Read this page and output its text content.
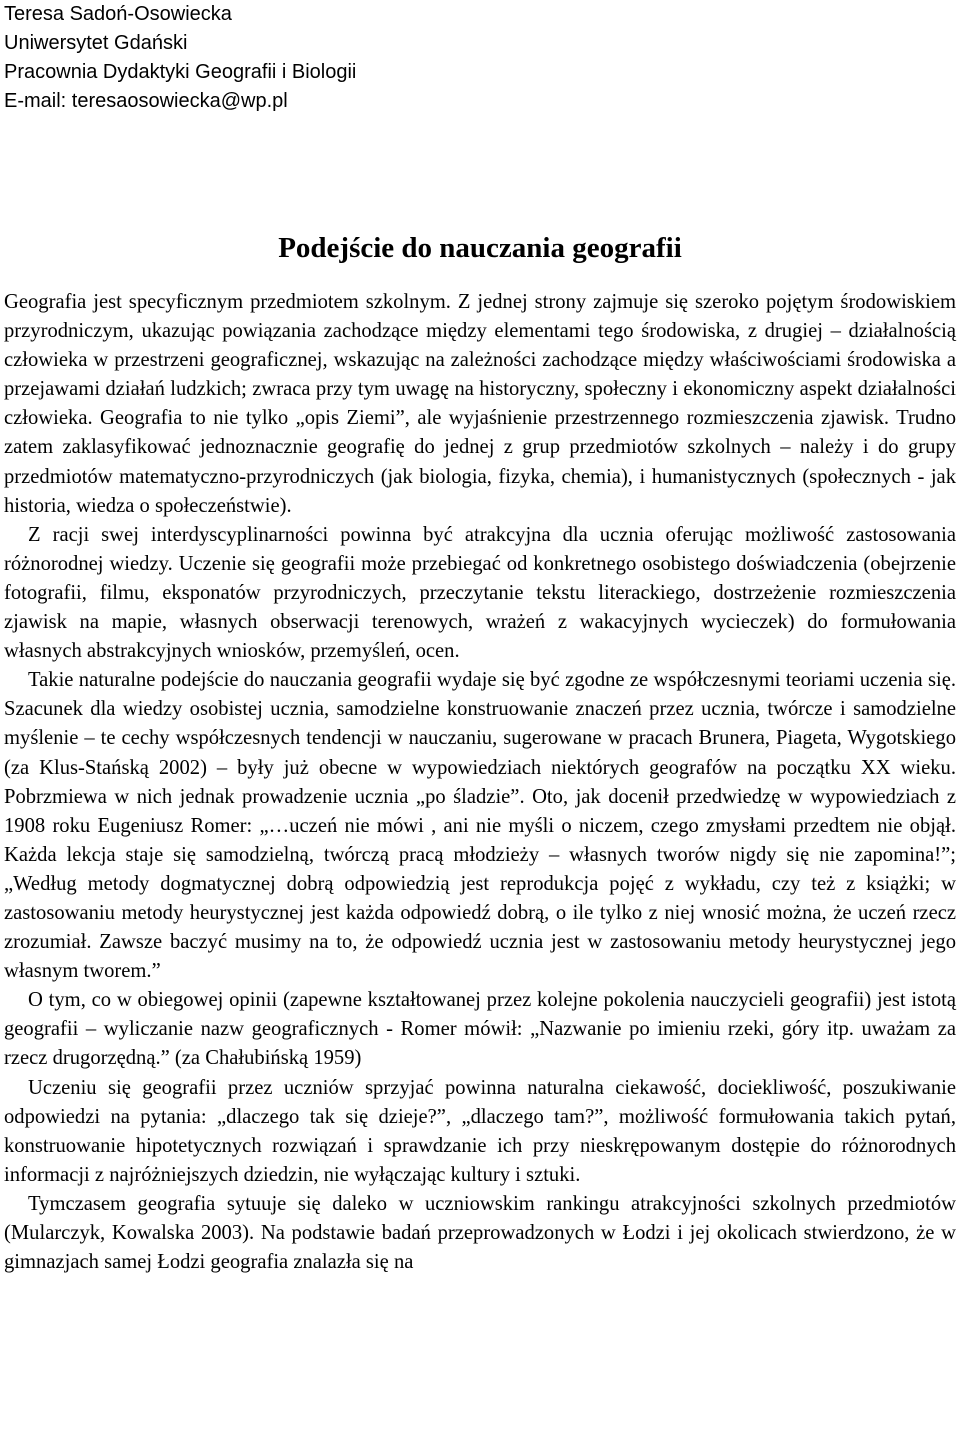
Teresa Sadoń-Osowiecka
Uniwersytet Gdański
Pracownia Dydaktyki Geografii i Biologii
E-mail: teresaosowiecka@wp.pl
Podejście do nauczania geografii

Geografia jest specyficznym przedmiotem szkolnym. Z jednej strony zajmuje się szeroko pojętym środowiskiem przyrodniczym, ukazując powiązania zachodzące między elementami tego środowiska, z drugiej – działalnością człowieka w przestrzeni geograficznej, wskazując na zależności zachodzące między właściwościami środowiska a przejawami działań ludzkich; zwraca przy tym uwagę na historyczny, społeczny i ekonomiczny aspekt działalności człowieka. Geografia to nie tylko „opis Ziemi”, ale wyjaśnienie przestrzennego rozmieszczenia zjawisk. Trudno zatem zaklasyfikować jednoznacznie geografię do jednej z grup przedmiotów szkolnych – należy i do grupy przedmiotów matematyczno-przyrodniczych (jak biologia, fizyka, chemia), i humanistycznych (społecznych - jak historia, wiedza o społeczeństwie).

Z racji swej interdyscyplinarności powinna być atrakcyjna dla ucznia oferując możliwość zastosowania różnorodnej wiedzy. Uczenie się geografii może przebiegać od konkretnego osobistego doświadczenia (obejrzenie fotografii, filmu, eksponatów przyrodniczych, przeczytanie tekstu literackiego, dostrzeżenie rozmieszczenia zjawisk na mapie, własnych obserwacji terenowych, wrażeń z wakacyjnych wycieczek) do formułowania własnych abstrakcyjnych wniosków, przemyśleń, ocen.

Takie naturalne podejście do nauczania geografii wydaje się być zgodne ze współczesnymi teoriami uczenia się. Szacunek dla wiedzy osobistej ucznia, samodzielne konstruowanie znaczeń przez ucznia, twórcze i samodzielne myślenie – te cechy współczesnych tendencji w nauczaniu, sugerowane w pracach Brunera, Piageta, Wygotskiego (za Klus-Stańską 2002) – były już obecne w wypowiedziach niektórych geografów na początku XX wieku. Pobrzmiewa w nich jednak prowadzenie ucznia „po śladzie”. Oto, jak docenił przedwiedzę w wypowiedziach z 1908 roku Eugeniusz Romer: „…uczeń nie mówi , ani nie myśli o niczem, czego zmysłami przedtem nie objął. Każda lekcja staje się samodzielną, twórczą pracą młodzieży – własnych tworów nigdy się nie zapomina!”; „Według metody dogmatycznej dobrą odpowiedzią jest reprodukcja pojęć z wykładu, czy też z książki; w zastosowaniu metody heurystycznej jest każda odpowiedź dobrą, o ile tylko z niej wnosić można, że uczeń rzecz zrozumiał. Zawsze baczyć musimy na to, że odpowiedź ucznia jest w zastosowaniu metody heurystycznej jego własnym tworem.”

O tym, co w obiegowej opinii (zapewne kształtowanej przez kolejne pokolenia nauczycieli geografii) jest istotą geografii – wyliczanie nazw geograficznych - Romer mówił: „Nazwanie po imieniu rzeki, góry itp. uważam za rzecz drugorzędną.” (za Chałubińską 1959)

Uczeniu się geografii przez uczniów sprzyjać powinna naturalna ciekawość, dociekliwość, poszukiwanie odpowiedzi na pytania: „dlaczego tak się dzieje?”, „dlaczego tam?”, możliwość formułowania takich pytań, konstruowanie hipotetycznych rozwiązań i sprawdzanie ich przy nieskrępowanym dostępie do różnorodnych informacji z najróżniejszych dziedzin, nie wyłączając kultury i sztuki.

Tymczasem geografia sytuuje się daleko w uczniowskim rankingu atrakcyjności szkolnych przedmiotów (Mularczyk, Kowalska 2003). Na podstawie badań przeprowadzonych w Łodzi i jej okolicach stwierdzono, że w gimnazjach samej Łodzi geografia znalazła się na
